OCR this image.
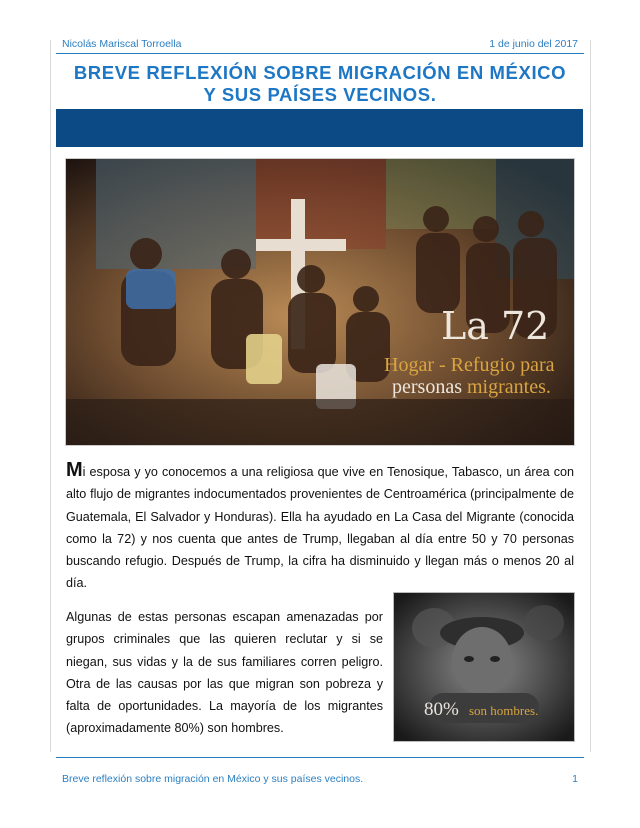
Nicolás Mariscal Torroella	1 de junio del 2017
BREVE REFLEXIÓN SOBRE MIGRACIÓN EN MÉXICO
Y SUS PAÍSES VECINOS.
La 72
Hogar - Refugio para
personas migrantes.

Mi esposa y yo conocemos a una religiosa que vive en Tenosique, Tabasco, un área con alto flujo de migrantes indocumentados provenientes de Centroamérica (principalmente de Guatemala, El Salvador y Honduras). Ella ha ayudado en La Casa del Migrante (conocida como la 72) y nos cuenta que antes de Trump, llegaban al día entre 50 y 70 personas buscando refugio. Después de Trump, la cifra ha disminuido y llegan más o menos 20 al día.

Algunas de estas personas escapan amenazadas por grupos criminales que las quieren reclutar y si se niegan, sus vidas y la de sus familiares corren peligro. Otra de las causas por las que migran son pobreza y falta de oportunidades. La mayoría de los migrantes (aproximadamente 80%) son hombres.

80% son hombres.
Breve reflexión sobre migración en México y sus países vecinos.	1
